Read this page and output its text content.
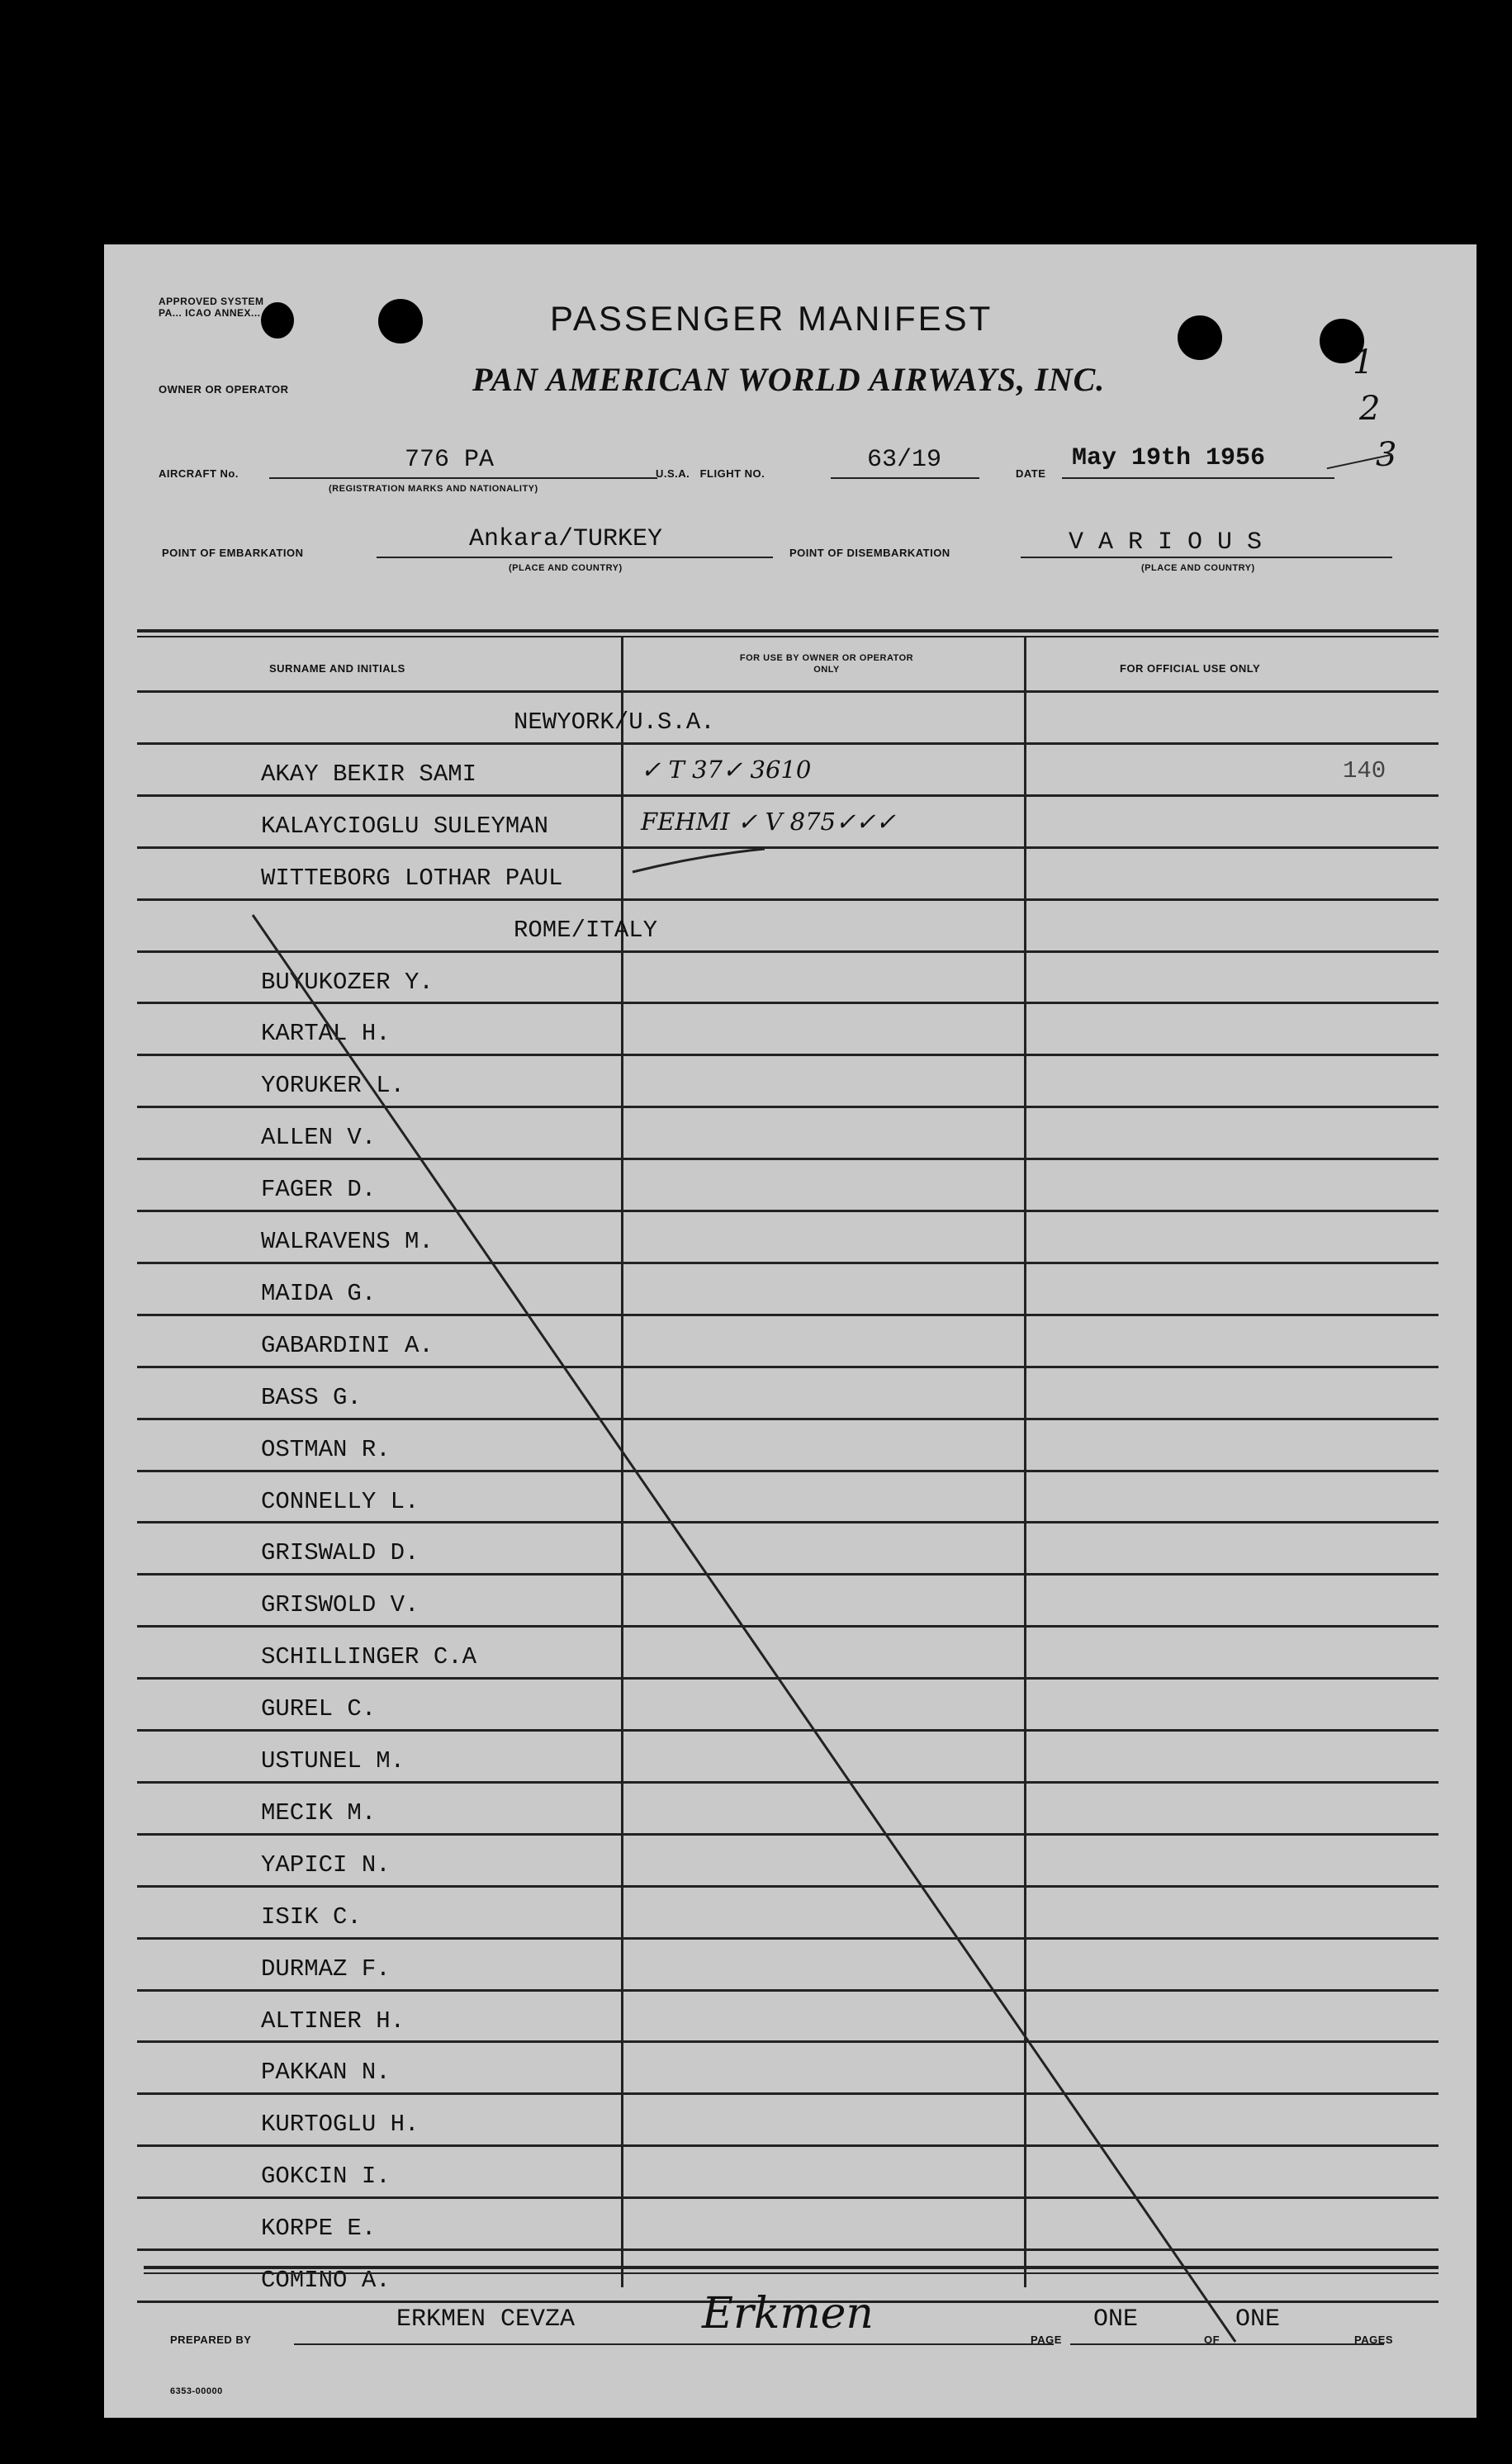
APPROVED SYSTEM PA... ICAO ANNEX...	PASSENGER MANIFEST
OWNER OR OPERATOR	PAN AMERICAN WORLD AIRWAYS, INC.	1
2
3
AIRCRAFT No.	776 PA
(REGISTRATION MARKS AND NATIONALITY)
U.S.A.   FLIGHT NO.	63/19	DATE
May 19th 1956
POINT OF EMBARKATION	Ankara/TURKEY
(PLACE AND COUNTRY)
POINT OF DISEMBARKATION	V A R I O U S
(PLACE AND COUNTRY)
SURNAME AND INITIALS
FOR USE BY OWNER OR OPERATOR ONLY	FOR OFFICIAL USE ONLY
NEWYORK/U.S.A.
AKAY BEKIR SAMI	✓ T 37✓ 3610	140
KALAYCIOGLU SULEYMAN	FEHMI ✓ V 875✓✓✓
WITTEBORG LOTHAR PAUL
ROME/ITALY
BUYUKOZER Y.
KARTAL H.
YORUKER L.
ALLEN V.
FAGER D.
WALRAVENS M.
MAIDA G.
GABARDINI A.
BASS G.
OSTMAN R.
CONNELLY L.
GRISWALD D.
GRISWOLD V.
SCHILLINGER C.A
GUREL C.
USTUNEL M.
MECIK M.
YAPICI N.
ISIK C.
DURMAZ F.
ALTINER H.
PAKKAN N.
KURTOGLU H.
GOKCIN I.
KORPE E.
COMINO A.
PREPARED BY
ERKMEN CEVZA	Erkmen
PAGE
ONE
OF
ONE
PAGES
6353-00000
